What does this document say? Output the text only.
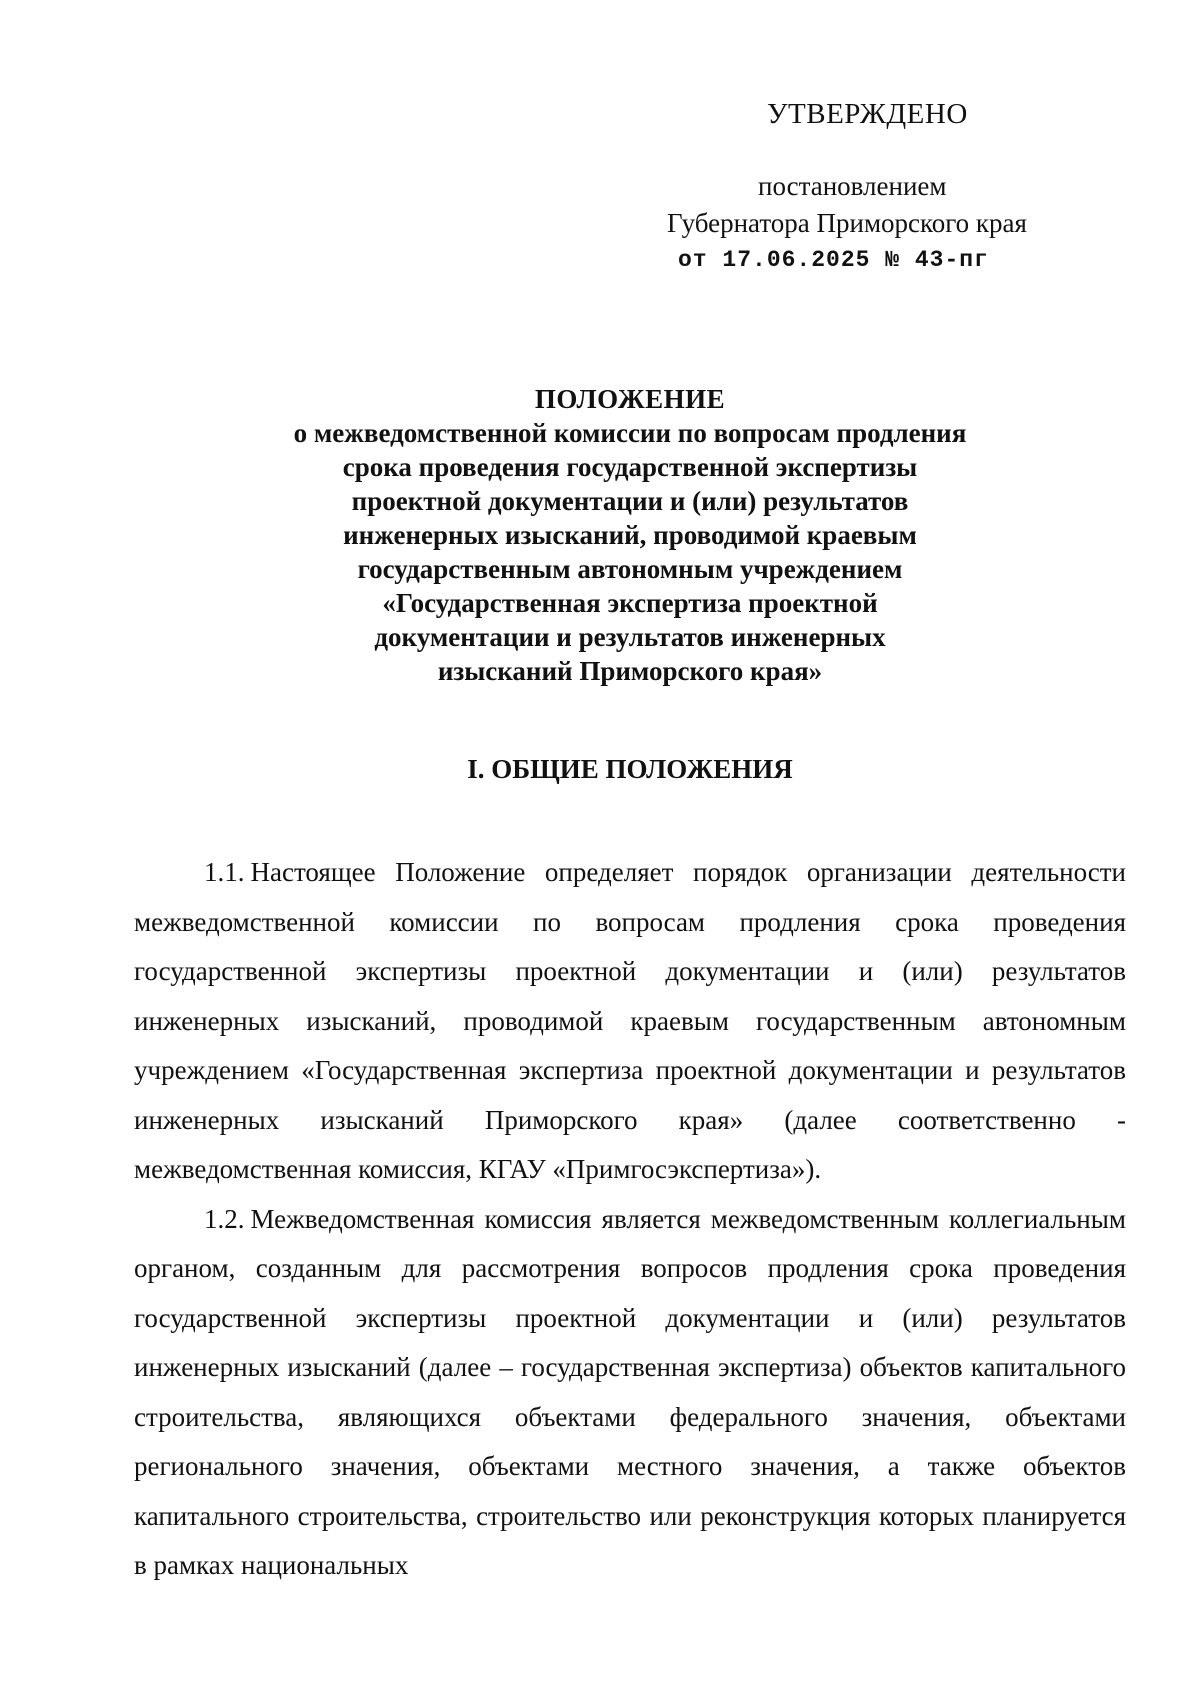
УТВЕРЖДЕНО
постановлением
Губернатора Приморского края
от 17.06.2025 № 43-пг
ПОЛОЖЕНИЕ
о межведомственной комиссии по вопросам продления
срока проведения государственной экспертизы
проектной документации и (или) результатов
инженерных изысканий, проводимой краевым
государственным автономным учреждением
«Государственная экспертиза проектной
документации и результатов инженерных
изысканий Приморского края»
I. ОБЩИЕ ПОЛОЖЕНИЯ

1.1. Настоящее Положение определяет порядок организации деятельности межведомственной комиссии по вопросам продления срока проведения государственной экспертизы проектной документации и (или) результатов инженерных изысканий, проводимой краевым государственным автономным учреждением «Государственная экспертиза проектной документации и результатов инженерных изысканий Приморского края» (далее соответственно - межведомственная комиссия, КГАУ «Примгосэкспертиза»).

1.2. Межведомственная комиссия является межведомственным коллегиальным органом, созданным для рассмотрения вопросов продления срока проведения государственной экспертизы проектной документации и (или) результатов инженерных изысканий (далее – государственная экспертиза) объектов капитального строительства, являющихся объектами федерального значения, объектами регионального значения, объектами местного значения, а также объектов капитального строительства, строительство или реконструкция которых планируется в рамках национальных
